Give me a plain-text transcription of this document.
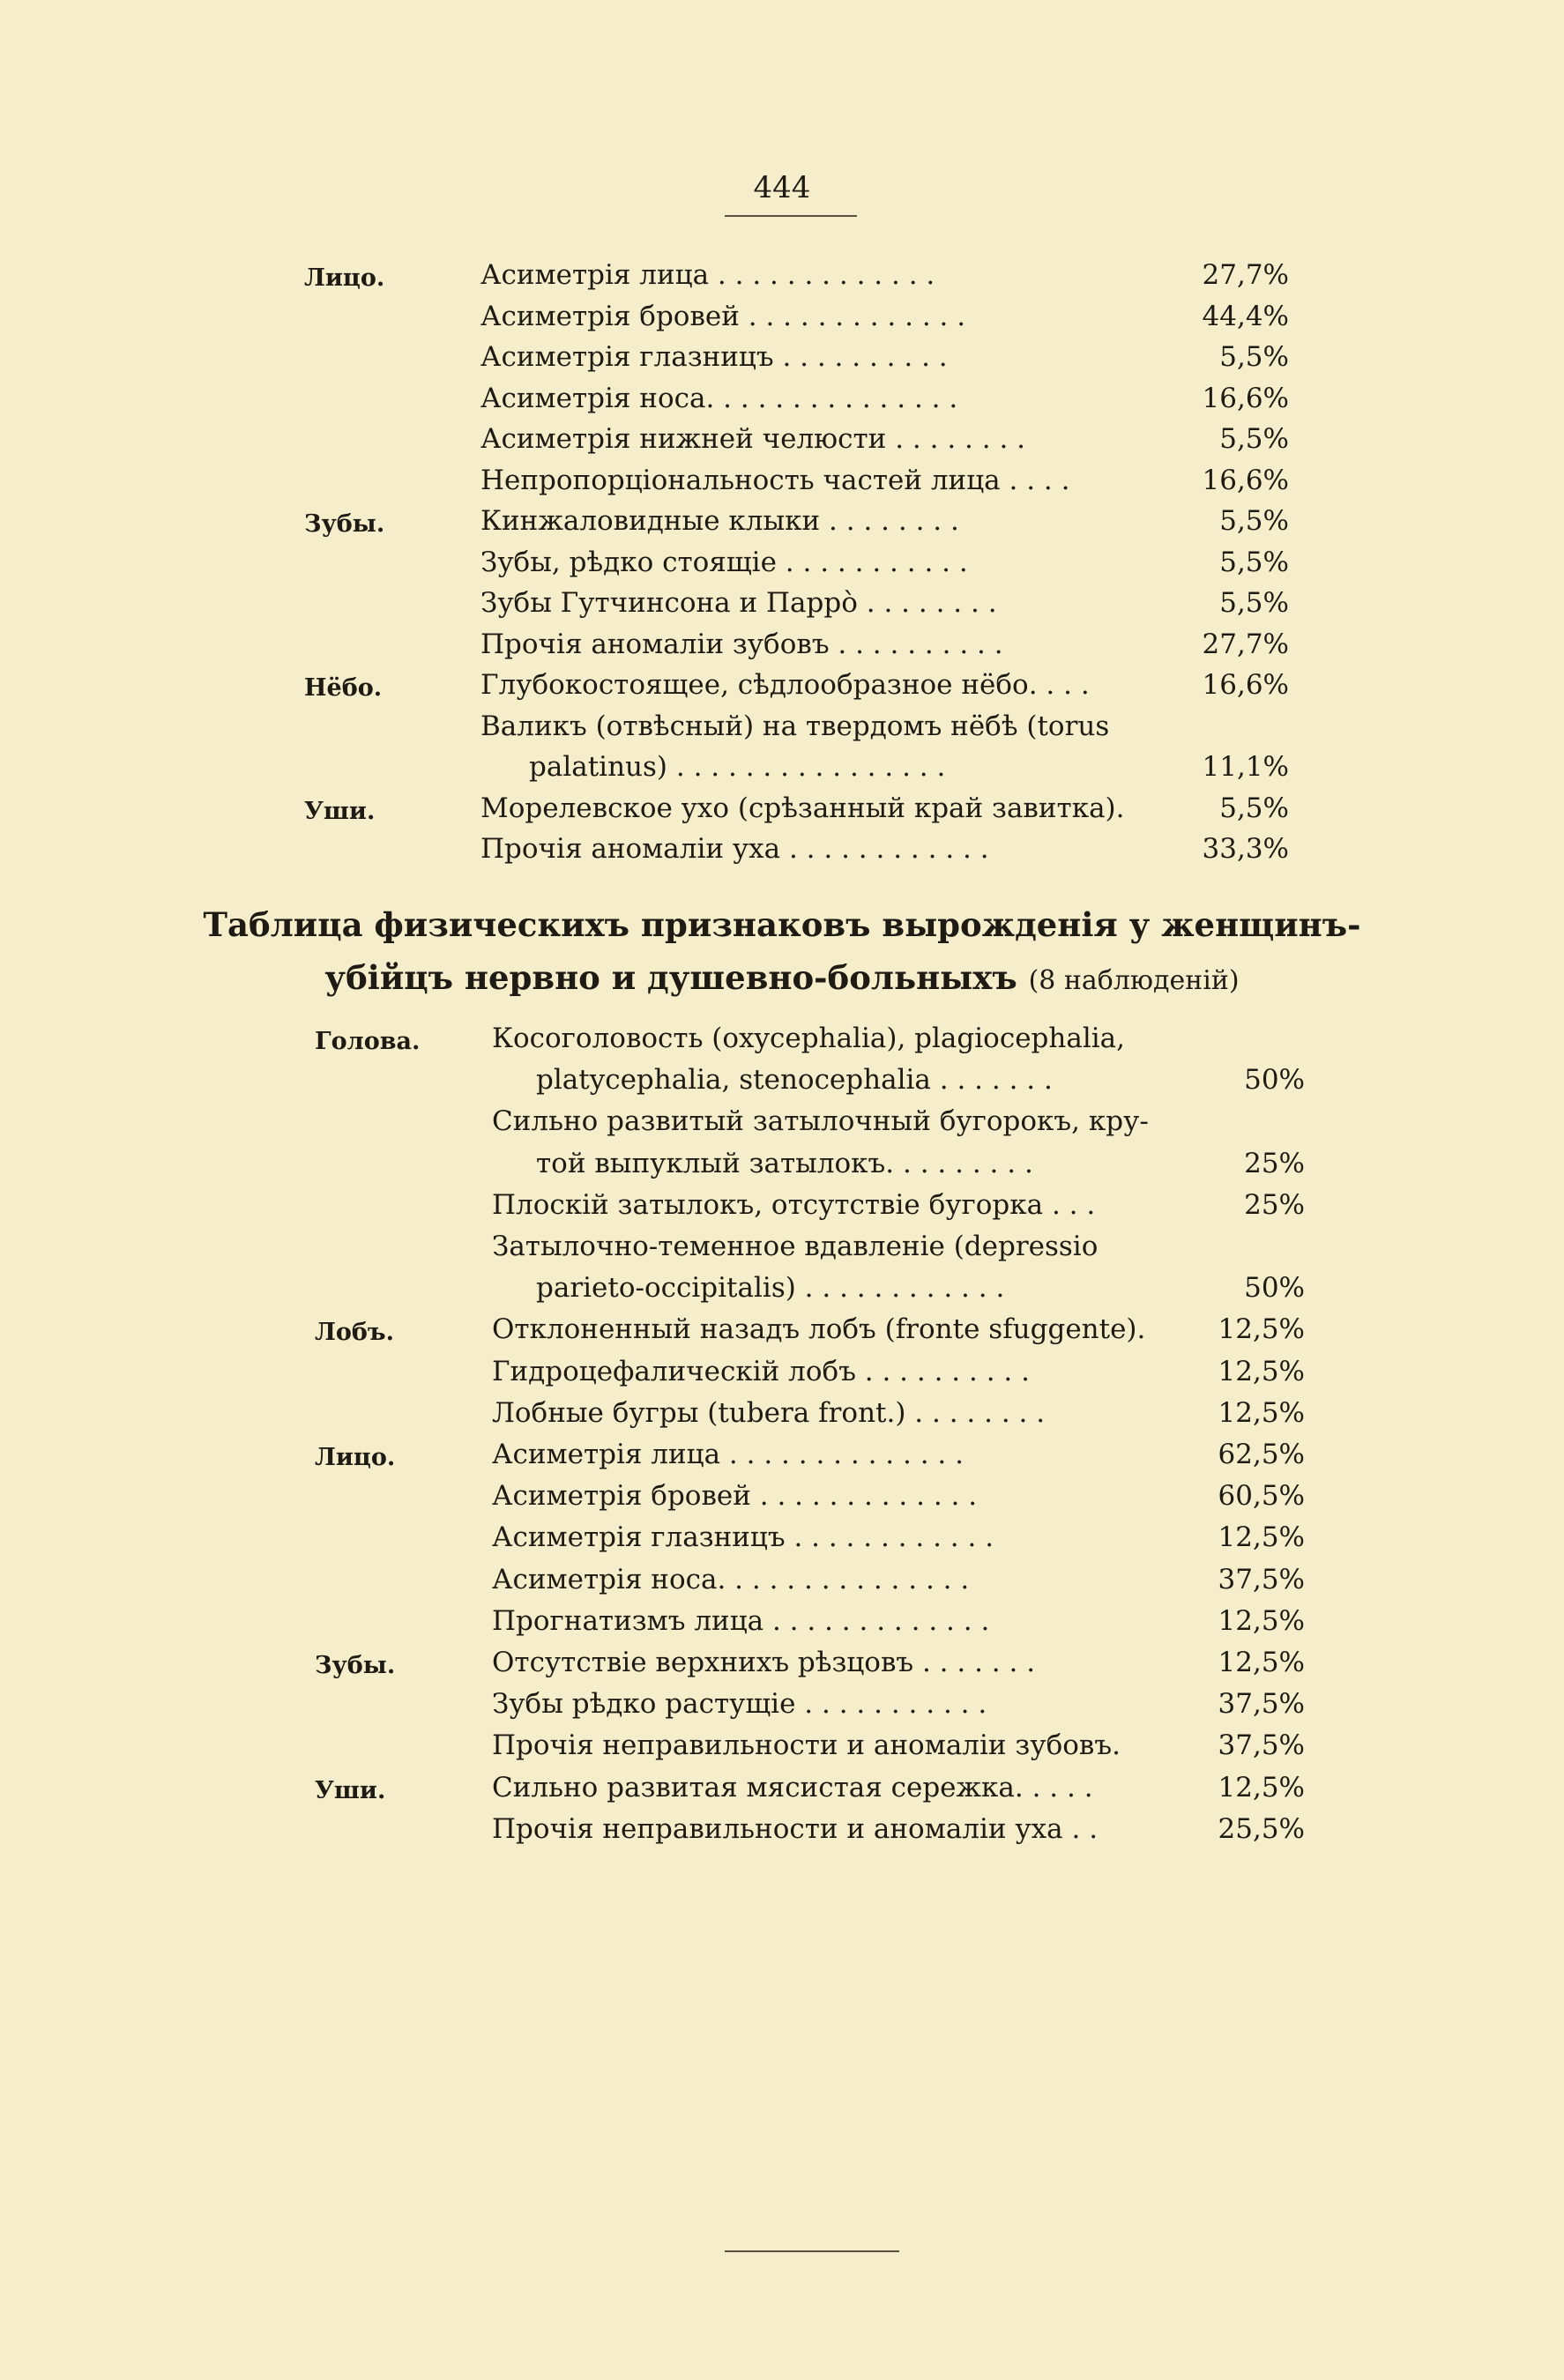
444
Лицо.	Асиметрія лица . . . . . . . . . . . . .	27,7%
Асиметрія бровей . . . . . . . . . . . . .	44,4%
Асиметрія глазницъ . . . . . . . . . .	5,5%
Асиметрія носа. . . . . . . . . . . . . . .	16,6%
Асиметрія нижней челюсти . . . . . . . .	5,5%
Непропорціональность частей лица . . . .	16,6%
Зубы.	Кинжаловидные клыки . . . . . . . .	5,5%
Зубы, рѣдко стоящіе . . . . . . . . . . .	5,5%
Зубы Гутчинсона и Паррò . . . . . . . .	5,5%
Прочія аномаліи зубовъ . . . . . . . . . .	27,7%
Нёбо.	Глубокостоящее, сѣдлообразное нёбо. . . .	16,6%
Валикъ (отвѣсный) на твердомъ нёбѣ (torus
palatinus) . . . . . . . . . . . . . . . .	11,1%
Уши.	Морелевское ухо (срѣзанный край завитка).	5,5%
Прочія аномаліи уха . . . . . . . . . . . .	33,3%
Голова.	Косоголовость (oxycephalia), plagiocephalia,
platycephalia, stenocephalia . . . . . . .	50%
Сильно развитый затылочный бугорокъ, кру-
той выпуклый затылокъ. . . . . . . . .	25%
Плоскій затылокъ, отсутствіе бугорка . . .	25%
Затылочно-теменное вдавленіе (depressio
parieto-occipitalis) . . . . . . . . . . . .	50%
Лобъ.	Отклоненный назадъ лобъ (fronte sfuggente).	12,5%
Гидроцефалическій лобъ . . . . . . . . . .	12,5%
Лобные бугры (tubera front.) . . . . . . . .	12,5%
Лицо.	Асиметрія лица . . . . . . . . . . . . . .	62,5%
Асиметрія бровей . . . . . . . . . . . . .	60,5%
Асиметрія глазницъ . . . . . . . . . . . .	12,5%
Асиметрія носа. . . . . . . . . . . . . . .	37,5%
Прогнатизмъ лица . . . . . . . . . . . . .	12,5%
Зубы.	Отсутствіе верхнихъ рѣзцовъ . . . . . . .	12,5%
Зубы рѣдко растущіе . . . . . . . . . . .	37,5%
Прочія неправильности и аномаліи зубовъ.	37,5%
Уши.	Сильно развитая мясистая сережка. . . . .	12,5%
Прочія неправильности и аномаліи уха . .	25,5%
Таблица физическихъ признаковъ вырожденія у женщинъ-
убійцъ нервно и душевно-больныхъ (8 наблюденій)
